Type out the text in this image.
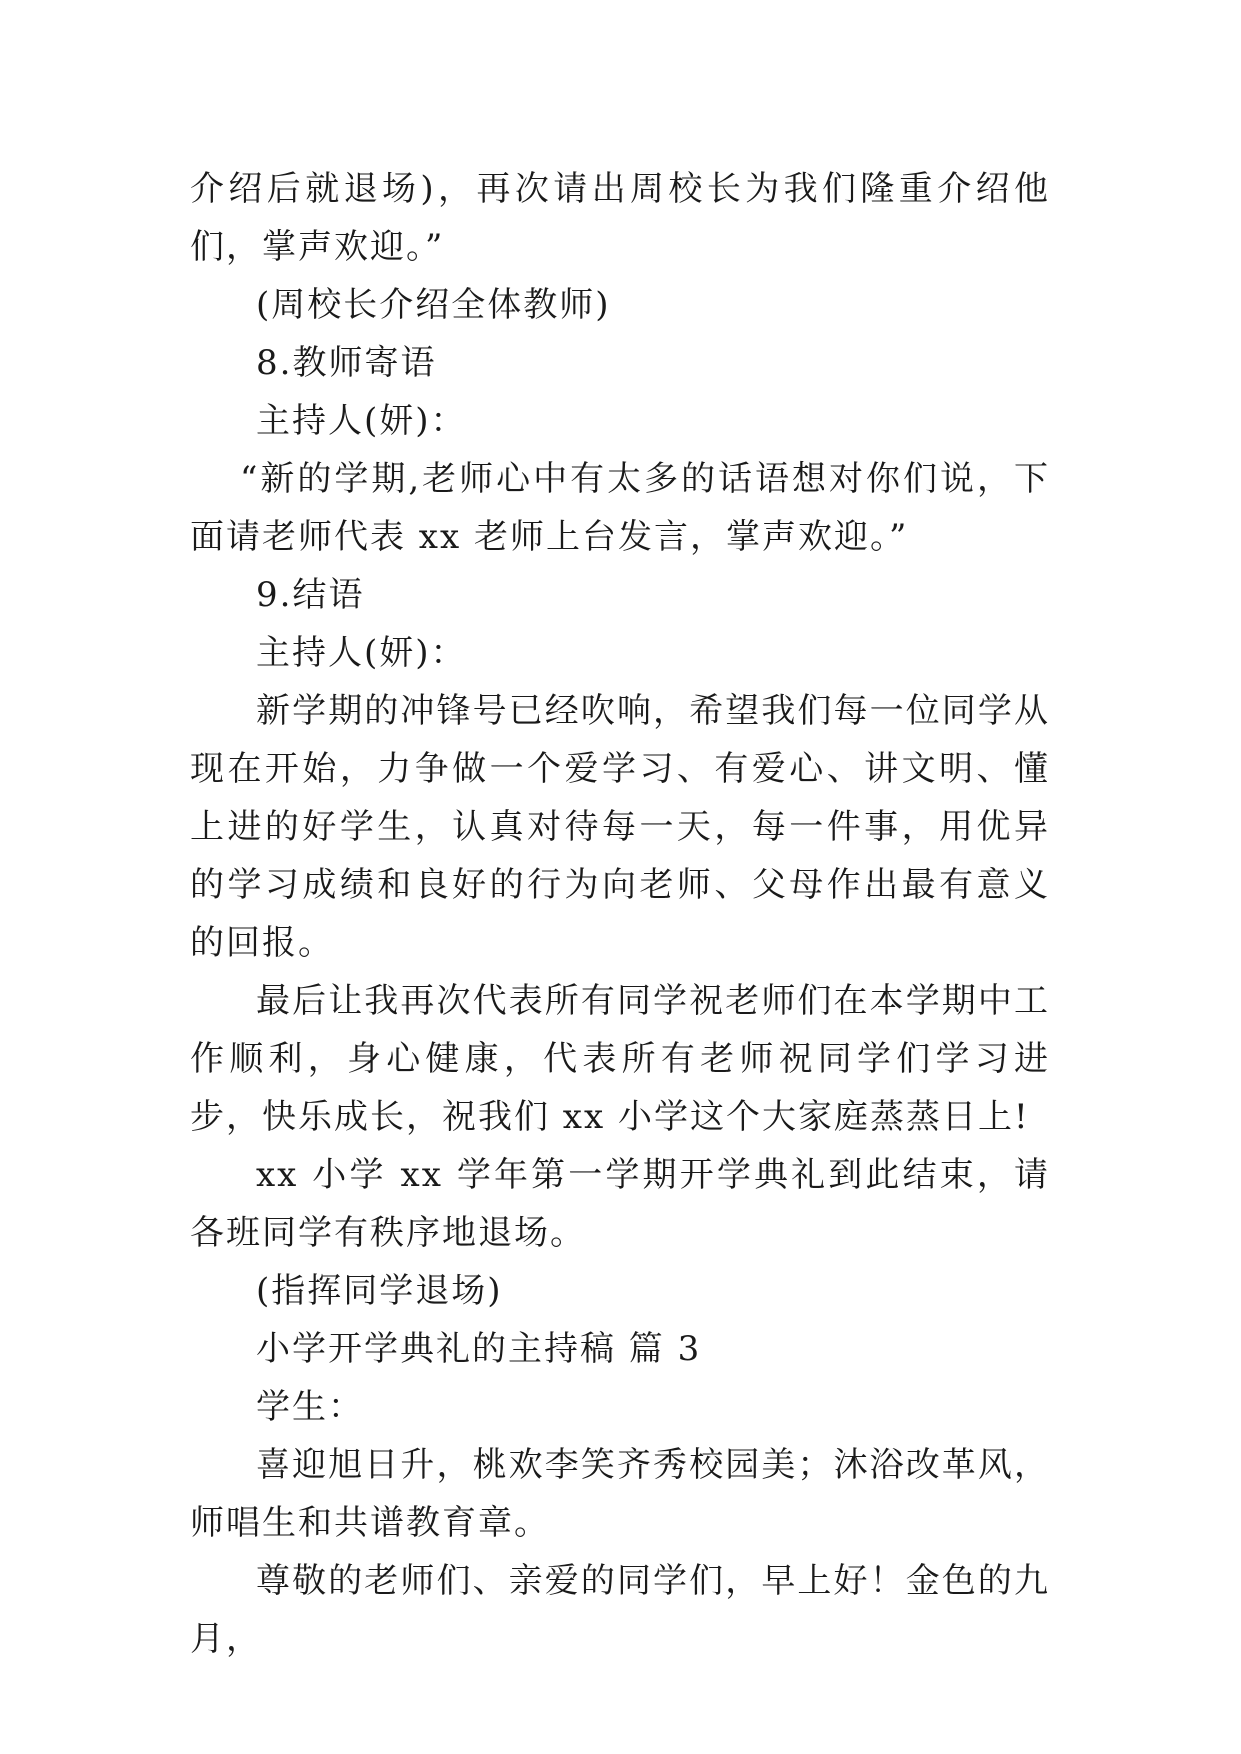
介绍后就退场)，再次请出周校长为我们隆重介绍他们，掌声欢迎。”

(周校长介绍全体教师)

8.教师寄语

主持人(妍)：

“新的学期,老师心中有太多的话语想对你们说，下面请老师代表 xx 老师上台发言，掌声欢迎。”

9.结语

主持人(妍)：

新学期的冲锋号已经吹响，希望我们每一位同学从现在开始，力争做一个爱学习、有爱心、讲文明、懂上进的好学生，认真对待每一天，每一件事，用优异的学习成绩和良好的行为向老师、父母作出最有意义的回报。

最后让我再次代表所有同学祝老师们在本学期中工作顺利，身心健康，代表所有老师祝同学们学习进步，快乐成长，祝我们 xx 小学这个大家庭蒸蒸日上!

xx 小学 xx 学年第一学期开学典礼到此结束，请各班同学有秩序地退场。

(指挥同学退场)

小学开学典礼的主持稿 篇 3

学生：

喜迎旭日升，桃欢李笑齐秀校园美；沐浴改革风，师唱生和共谱教育章。

尊敬的老师们、亲爱的同学们，早上好！金色的九月，
